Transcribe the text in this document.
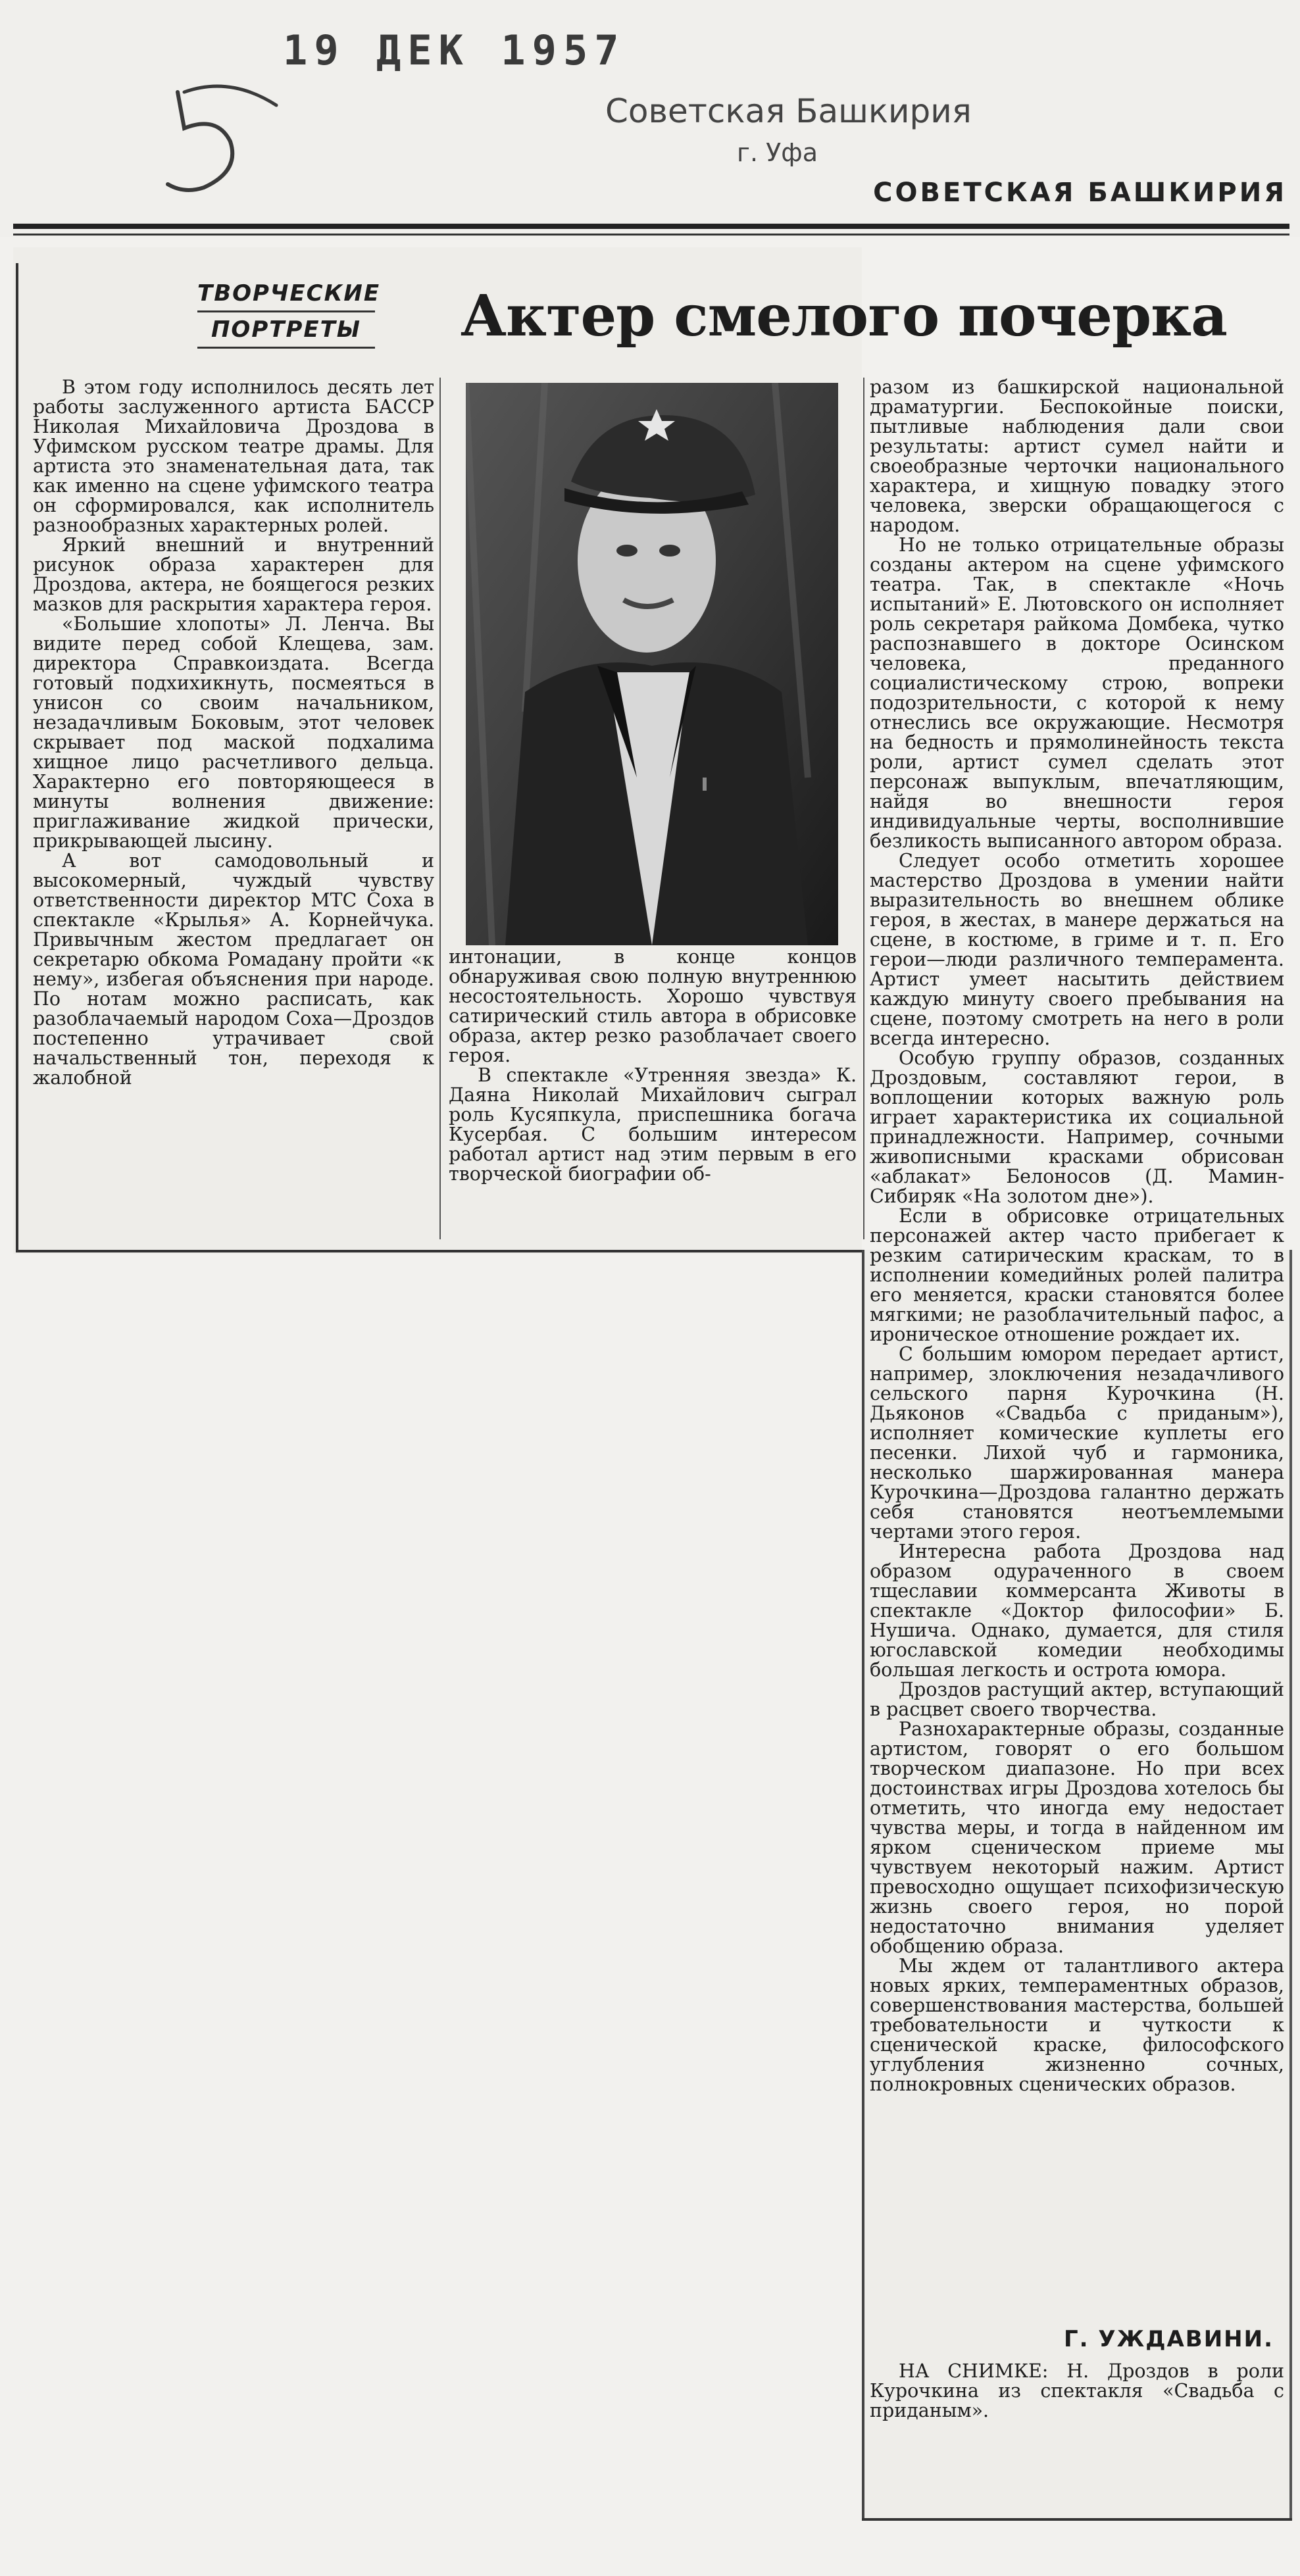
19 ДЕК 1957
Советская Башкирия
г. Уфа
СОВЕТСКАЯ БАШКИРИЯ
ТВОРЧЕСКИЕ
ПОРТРЕТЫ Актер смелого почерка

В этом году исполнилось десять лет работы заслуженного артиста БАССР Николая Михайловича Дроздова в Уфимском русском театре драмы. Для артиста это знаменательная дата, так как именно на сцене уфимского театра он сформировался, как исполнитель разнообразных характерных ролей.

Яркий внешний и внутренний рисунок образа характерен для Дроздова, актера, не боящегося резких мазков для раскрытия характера героя.

«Большие хлопоты» Л. Ленча. Вы видите перед собой Клещева, зам. директора Справкоиздата. Всегда готовый подхихикнуть, посмеяться в унисон со своим начальником, незадачливым Боковым, этот человек скрывает под маской подхалима хищное лицо расчетливого дельца. Характерно его повторяющееся в минуты волнения движение: приглаживание жидкой прически, прикрывающей лысину.

А вот самодовольный и высокомерный, чуждый чувству ответственности директор МТС Соха в спектакле «Крылья» А. Корнейчука. Привычным жестом предлагает он секретарю обкома Ромадану пройти «к нему», избегая объяснения при народе. По нотам можно расписать, как разоблачаемый народом Соха—Дроздов постепенно утрачивает свой начальственный тон, переходя к жалобной

интонации, в конце концов обнаруживая свою полную внутреннюю несостоятельность. Хорошо чувствуя сатирический стиль автора в обрисовке образа, актер резко разоблачает своего героя.

В спектакле «Утренняя звезда» К. Даяна Николай Михайлович сыграл роль Кусяпкула, приспешника богача Кусербая. С большим интересом работал артист над этим первым в его творческой биографии об-

разом из башкирской национальной драматургии. Беспокойные поиски, пытливые наблюдения дали свои результаты: артист сумел найти и своеобразные черточки национального характера, и хищную повадку этого человека, зверски обращающегося с народом.

Но не только отрицательные образы созданы актером на сцене уфимского театра. Так, в спектакле «Ночь испытаний» Е. Лютовского он исполняет роль секретаря райкома Домбека, чутко распознавшего в докторе Осинском человека, преданного социалистическому строю, вопреки подозрительности, с которой к нему отнеслись все окружающие. Несмотря на бедность и прямолинейность текста роли, артист сумел сделать этот персонаж выпуклым, впечатляющим, найдя во внешности героя индивидуальные черты, восполнившие безликость выписанного автором образа.

Следует особо отметить хорошее мастерство Дроздова в умении найти выразительность во внешнем облике героя, в жестах, в манере держаться на сцене, в костюме, в гриме и т. п. Его герои—люди различного темперамента. Артист умеет насытить действием каждую минуту своего пребывания на сцене, поэтому смотреть на него в роли всегда интересно.

Особую группу образов, созданных Дроздовым, составляют герои, в воплощении которых важную роль играет характеристика их социальной принадлежности. Например, сочными живописными красками обрисован «аблакат» Белоносов (Д. Мамин-Сибиряк «На золотом дне»).

Если в обрисовке отрицательных персонажей актер часто прибегает к резким сатирическим краскам, то в исполнении комедийных ролей палитра его меняется, краски становятся более мягкими; не разоблачительный пафос, а ироническое отношение рождает их.

С большим юмором передает артист, например, злоключения незадачливого сельского парня Курочкина (Н. Дьяконов «Свадьба с приданым»), исполняет комические куплеты его песенки. Лихой чуб и гармоника, несколько шаржированная манера Курочкина—Дроздова галантно держать себя становятся неотъемлемыми чертами этого героя.

Интересна работа Дроздова над образом одураченного в своем тщеславии коммерсанта Животы в спектакле «Доктор философии» Б. Нушича. Однако, думается, для стиля югославской комедии необходимы большая легкость и острота юмора.

Дроздов растущий актер, вступающий в расцвет своего творчества.

Разнохарактерные образы, созданные артистом, говорят о его большом творческом диапазоне. Но при всех достоинствах игры Дроздова хотелось бы отметить, что иногда ему недостает чувства меры, и тогда в найденном им ярком сценическом приеме мы чувствуем некоторый нажим. Артист превосходно ощущает психофизическую жизнь своего героя, но порой недостаточно внимания уделяет обобщению образа.

Мы ждем от талантливого актера новых ярких, темпераментных образов, совершенствования мастерства, большей требовательности и чуткости к сценической краске, философского углубления жизненно сочных, полнокровных сценических образов.

Г. УЖДАВИНИ.

НА СНИМКЕ: Н. Дроздов в роли Курочкина из спектакля «Свадьба с приданым».
